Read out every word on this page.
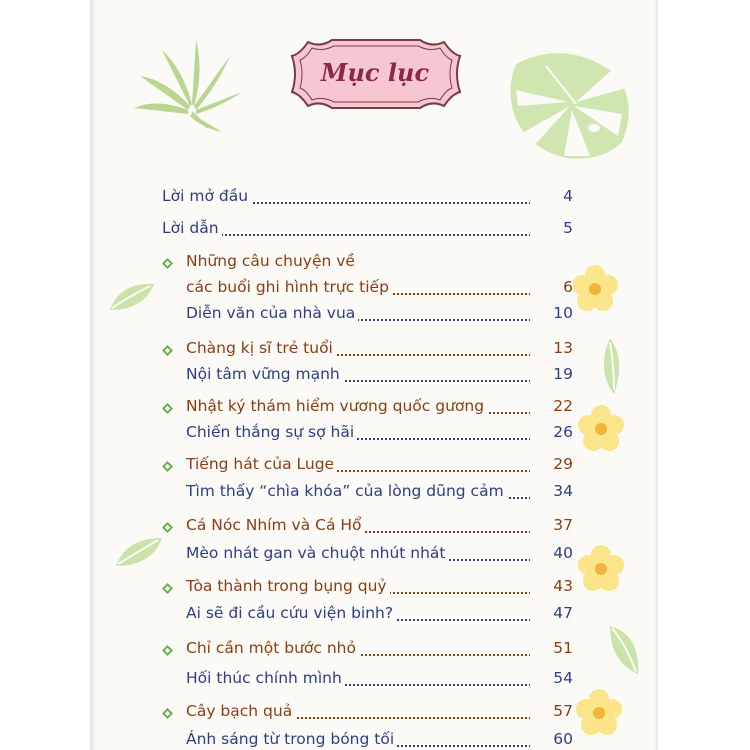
Mục lục
Lời mở đầu	4
Lời dẫn	5
Những câu chuyện về
các buổi ghi hình trực tiếp	6
Diễn văn của nhà vua	10
Chàng kị sĩ trẻ tuổi	13
Nội tâm vững mạnh	19
Nhật ký thám hiểm vương quốc gương	22
Chiến thắng sự sợ hãi	26
Tiếng hát của Luge	29
Tìm thấy “chìa khóa” của lòng dũng cảm	34
Cá Nóc Nhím và Cá Hổ	37
Mèo nhát gan và chuột nhút nhát	40
Tòa thành trong bụng quỷ	43
Ai sẽ đi cầu cứu viện binh?	47
Chỉ cần một bước nhỏ	51
Hối thúc chính mình	54
Cây bạch quả	57
Ánh sáng từ trong bóng tối	60
